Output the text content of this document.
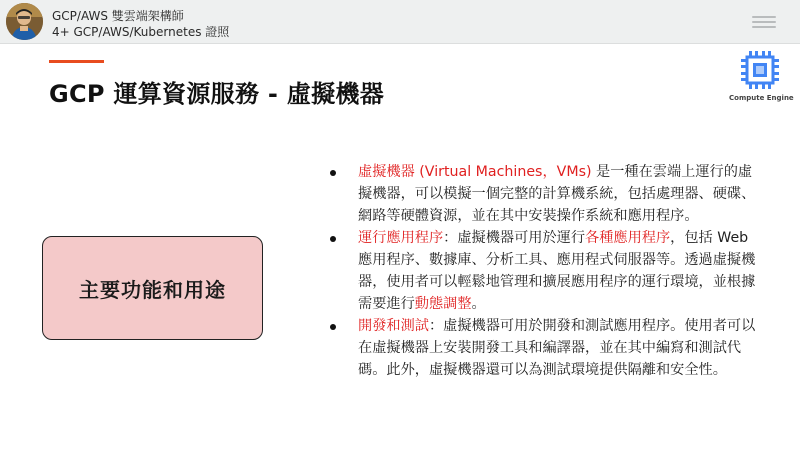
GCP/AWS 雙雲端架構師
4+ GCP/AWS/Kubernetes 證照
GCP 運算資源服務 - 虛擬機器	Compute Engine
主要功能和用途
虛擬機器 (Virtual Machines，VMs) 是一種在雲端上運行的虛擬機器，可以模擬一個完整的計算機系統，包括處理器、硬碟、網路等硬體資源，並在其中安裝操作系統和應用程序。
運行應用程序：虛擬機器可用於運行各種應用程序，包括 Web 應用程序、數據庫、分析工具、應用程式伺服器等。透過虛擬機器，使用者可以輕鬆地管理和擴展應用程序的運行環境，並根據需要進行動態調整。
開發和測試：虛擬機器可用於開發和測試應用程序。使用者可以在虛擬機器上安裝開發工具和編譯器，並在其中編寫和測試代碼。此外，虛擬機器還可以為測試環境提供隔離和安全性。
